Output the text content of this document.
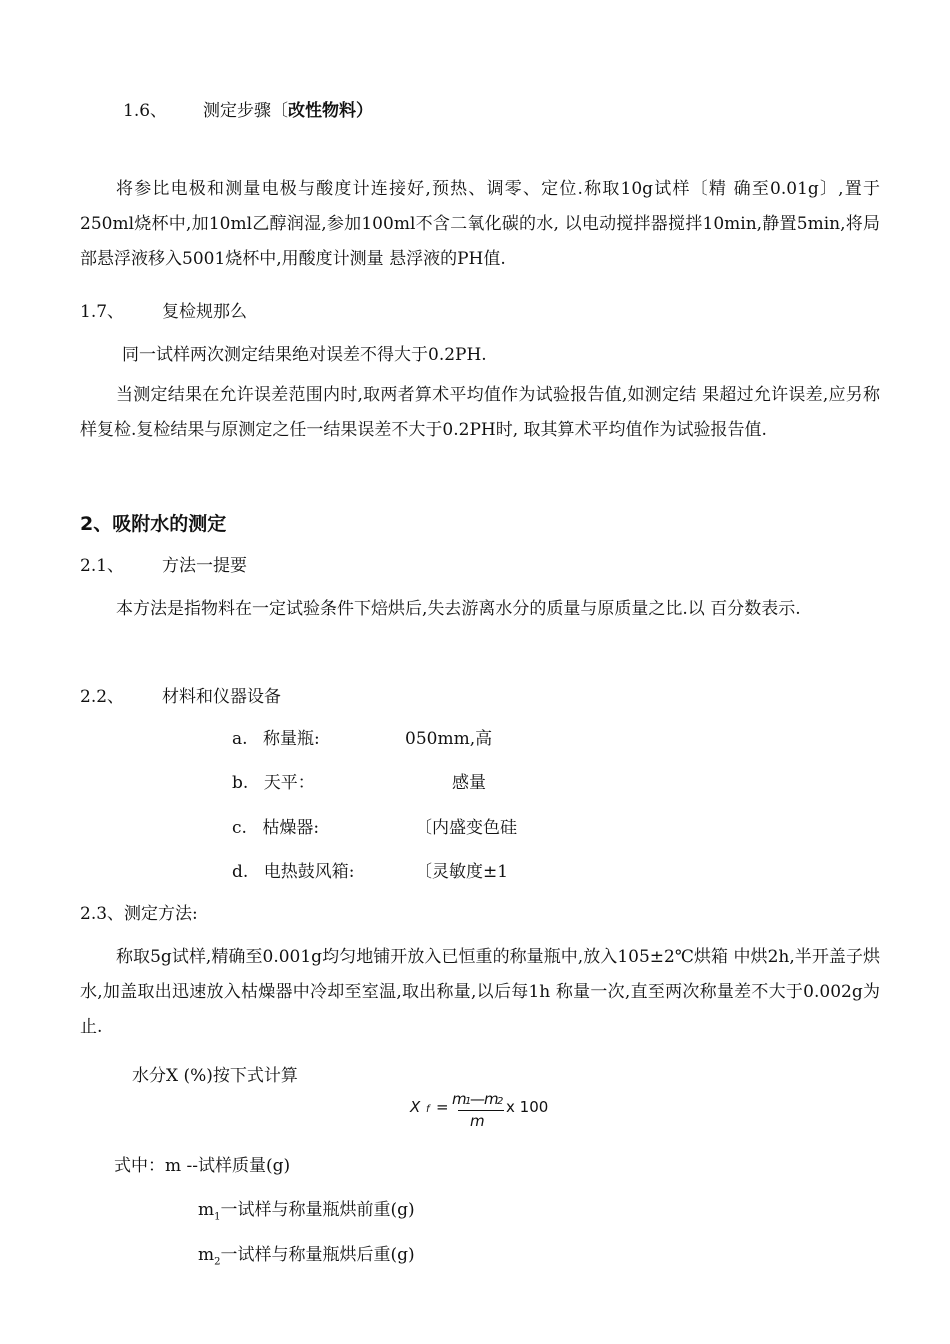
1.6、 测定步骤〔改性物料）

将参比电极和测量电极与酸度计连接好,预热、调零、定位.称取10g试样〔精 确至0.01g〕,置于250ml烧杯中,加10ml乙醇润湿,参加100ml不含二氧化碳的水, 以电动搅拌器搅拌10min,静置5min,将局部悬浮液移入5001烧杯中,用酸度计测量 悬浮液的PH值.

1.7、 复检规那么
同一试样两次测定结果绝对误差不得大于0.2PH.

当测定结果在允许误差范围内时,取两者算术平均值作为试验报告值,如测定结 果超过允许误差,应另称样复检.复检结果与原测定之任一结果误差不大于0.2PH时, 取其算术平均值作为试验报告值.

2、吸附水的测定
2.1、 方法一提要

本方法是指物料在一定试验条件下焙烘后,失去游离水分的质量与原质量之比.以 百分数表示.

2.2、 材料和仪器设备
a. 称量瓶:	050mm,高
b. 天平：	感量
c. 枯燥器:	〔内盛变色硅
d. 电热鼓风箱:	〔灵敏度±1
2.3、测定方法:

称取5g试样,精确至0.001g均匀地铺开放入已恒重的称量瓶中,放入105±2℃烘箱 中烘2h,半开盖子烘水,加盖取出迅速放入枯燥器中冷却至室温,取出称量,以后每1h 称量一次,直至两次称量差不大于0.002g为止.

水分X (%)按下式计算
X f = m
1
— m
2
m
x 100
式中：m --试样质量(g)
$m_1$一试样与称量瓶烘前重(g)
$m_2$一试样与称量瓶烘后重(g)
